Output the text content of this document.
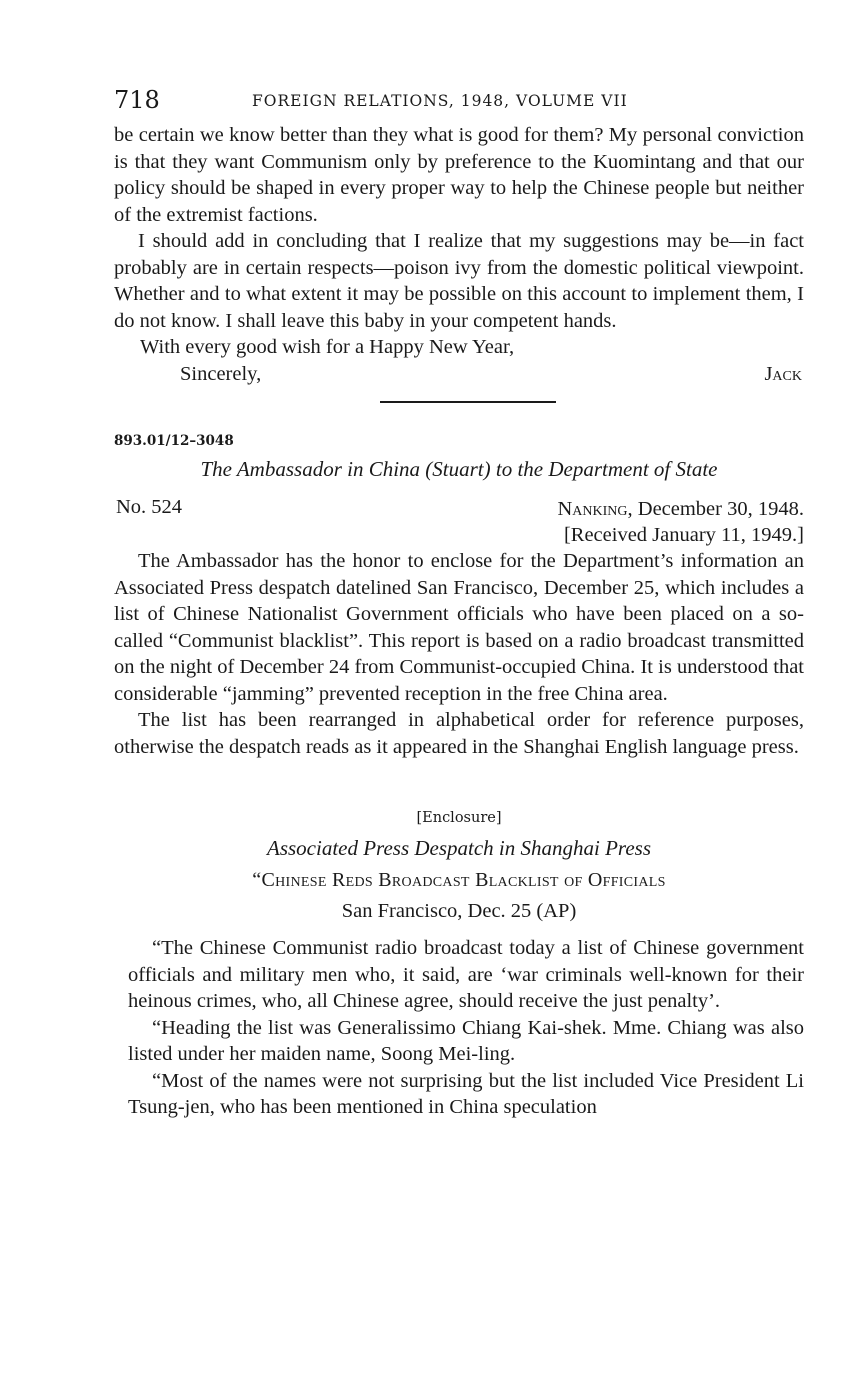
718	FOREIGN RELATIONS, 1948, VOLUME VII

be certain we know better than they what is good for them? My personal conviction is that they want Communism only by preference to the Kuomintang and that our policy should be shaped in every proper way to help the Chinese people but neither of the extremist factions.

I should add in concluding that I realize that my suggestions may be—in fact probably are in certain respects—poison ivy from the domestic political viewpoint. Whether and to what extent it may be possible on this account to implement them, I do not know. I shall leave this baby in your competent hands.

With every good wish for a Happy New Year,
Sincerely,	Jack
893.01/12–3048
The Ambassador in China (Stuart) to the Department of State
No. 524	Nanking, December 30, 1948.
[Received January 11, 1949.]

The Ambassador has the honor to enclose for the Department’s information an Associated Press despatch datelined San Francisco, December 25, which includes a list of Chinese Nationalist Government officials who have been placed on a so-called “Communist blacklist”. This report is based on a radio broadcast transmitted on the night of December 24 from Communist-occupied China. It is understood that considerable “jamming” prevented reception in the free China area.

The list has been rearranged in alphabetical order for reference purposes, otherwise the despatch reads as it appeared in the Shanghai English language press.

[Enclosure]
Associated Press Despatch in Shanghai Press
“Chinese Reds Broadcast Blacklist of Officials
San Francisco, Dec. 25 (AP)

“The Chinese Communist radio broadcast today a list of Chinese government officials and military men who, it said, are ‘war criminals well-known for their heinous crimes, who, all Chinese agree, should receive the just penalty’.

“Heading the list was Generalissimo Chiang Kai-shek. Mme. Chiang was also listed under her maiden name, Soong Mei-ling.

“Most of the names were not surprising but the list included Vice President Li Tsung-jen, who has been mentioned in China speculation
